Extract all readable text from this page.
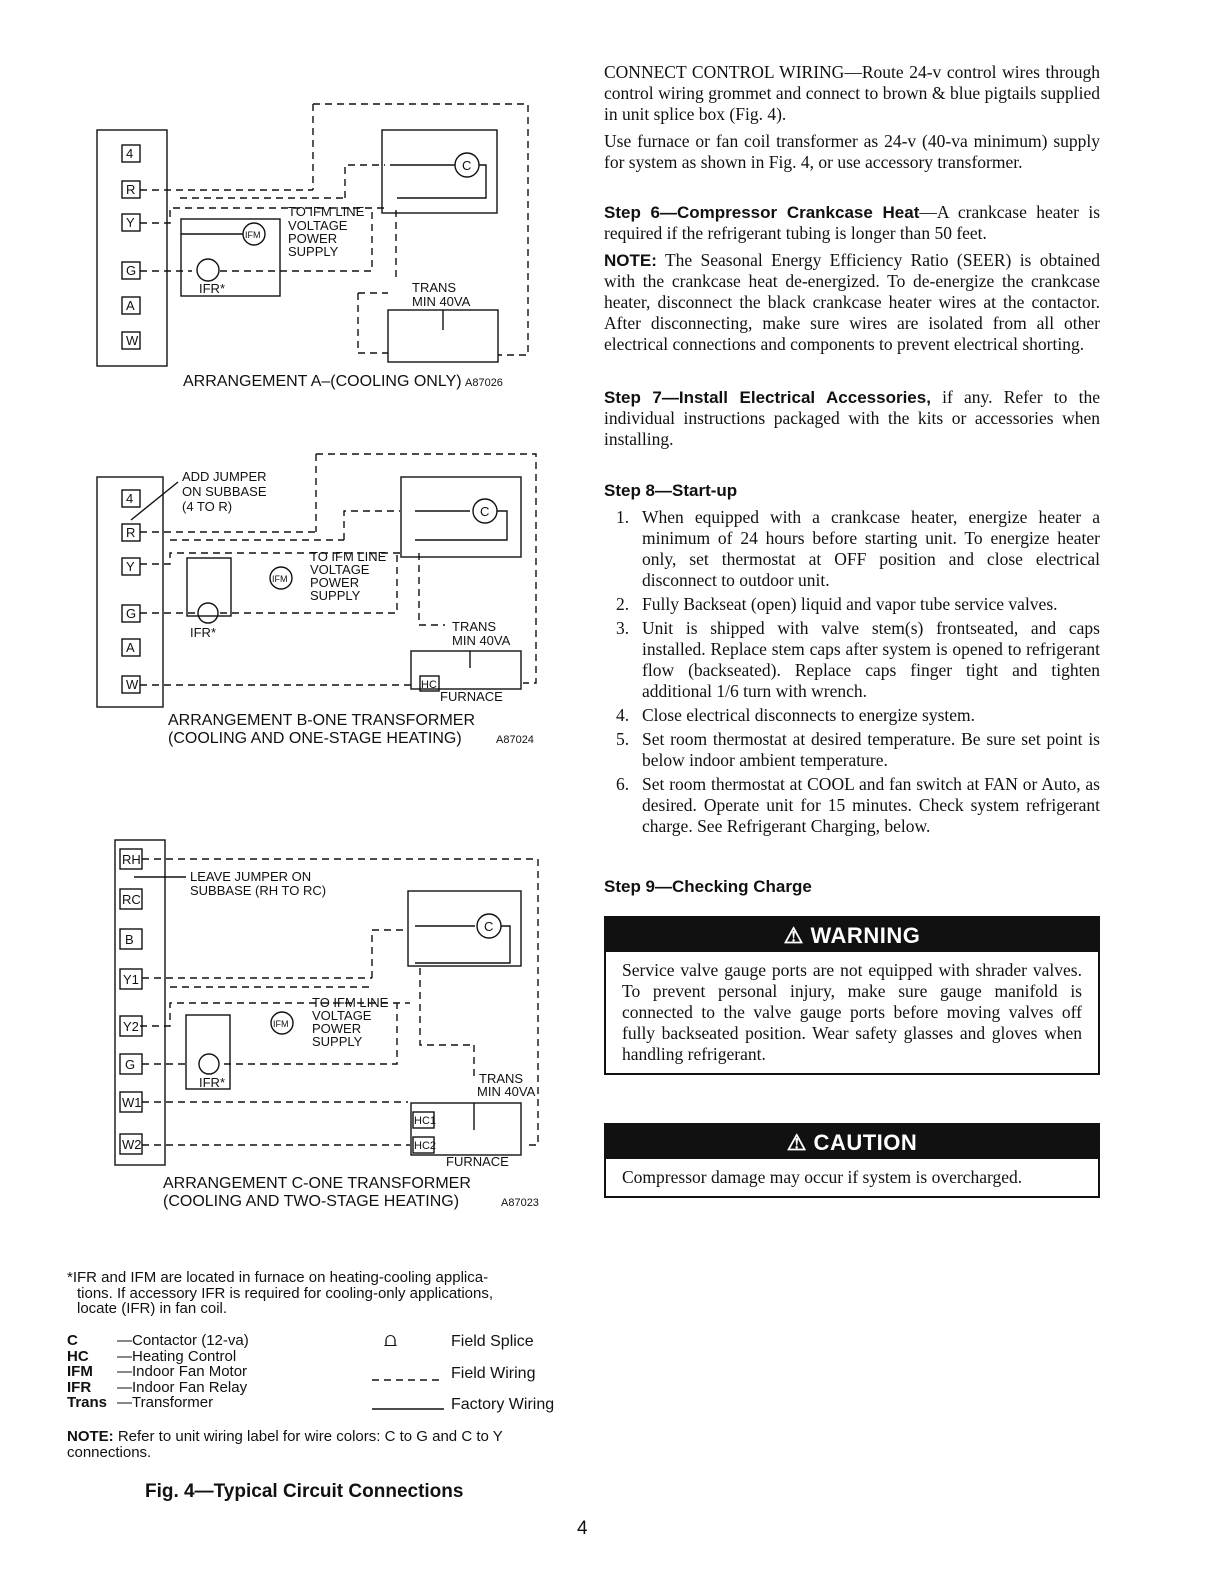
4
R
Y
G
A
W
TO IFM LINE
VOLTAGE
POWER
SUPPLY
IFM
IFR*
C
TRANS
MIN 40VA
ARRANGEMENT A–(COOLING ONLY) A87026
4
R
Y
G
A
W
ADD JUMPER
ON SUBBASE
(4 TO R)
TO IFM LINE
VOLTAGE
POWER
SUPPLY
IFM
IFR*
C
TRANS
MIN 40VA
HC
FURNACE
ARRANGEMENT B-ONE TRANSFORMER
(COOLING AND ONE-STAGE HEATING)	A87024
RH
RC
B
Y1
Y2
G
W1
W2
LEAVE JUMPER ON
SUBBASE (RH TO RC)
TO IFM LINE
VOLTAGE
POWER
SUPPLY
IFM
IFR*
C
TRANS
MIN 40VA
HC1
HC2
FURNACE
ARRANGEMENT C-ONE TRANSFORMER
(COOLING AND TWO-STAGE HEATING)	A87023
⩍	Field Splice
Field Wiring
Factory Wiring
*IFR and IFM are located in furnace on heating-cooling applica-
tions. If accessory IFR is required for cooling-only applications,
locate (IFR) in fan coil.
C	—Contactor (12-va)
HC —Heating Control
IFM —Indoor Fan Motor
IFR —Indoor Fan Relay
Trans —Transformer
NOTE: Refer to unit wiring label for wire colors: C to G and C to Y
connections.
Fig. 4—Typical Circuit Connections

CONNECT CONTROL WIRING—Route 24-v control wires through control wiring grommet and connect to brown & blue pigtails supplied in unit splice box (Fig. 4).

Use furnace or fan coil transformer as 24-v (40-va minimum) supply for system as shown in Fig. 4, or use accessory transformer.

Step 6—Compressor Crankcase Heat—A crankcase heater is required if the refrigerant tubing is longer than 50 feet.

NOTE: The Seasonal Energy Efficiency Ratio (SEER) is obtained with the crankcase heat de-energized. To de-energize the crankcase heater, disconnect the black crankcase heater wires at the contactor. After disconnecting, make sure wires are isolated from all other electrical connections and components to prevent electrical shorting.

Step 7—Install Electrical Accessories, if any. Refer to the individual instructions packaged with the kits or accessories when installing.

Step 8—Start-up
1. When equipped with a crankcase heater, energize heater a minimum of 24 hours before starting unit. To energize heater only, set thermostat at OFF position and close electrical disconnect to outdoor unit.
2. Fully Backseat (open) liquid and vapor tube service valves.
3. Unit is shipped with valve stem(s) frontseated, and caps installed. Replace stem caps after system is opened to refrigerant flow (backseated). Replace caps finger tight and tighten additional 1/6 turn with wrench.
4. Close electrical disconnects to energize system.
5. Set room thermostat at desired temperature. Be sure set point is below indoor ambient temperature.
6. Set room thermostat at COOL and fan switch at FAN or Auto, as desired. Operate unit for 15 minutes. Check system refrigerant charge. See Refrigerant Charging, below.
Step 9—Checking Charge
⚠ WARNING
Service valve gauge ports are not equipped with shrader valves. To prevent personal injury, make sure gauge manifold is connected to the valve gauge ports before moving valves off fully backseated position. Wear safety glasses and gloves when handling refrigerant.
⚠ CAUTION
Compressor damage may occur if system is overcharged.
4
